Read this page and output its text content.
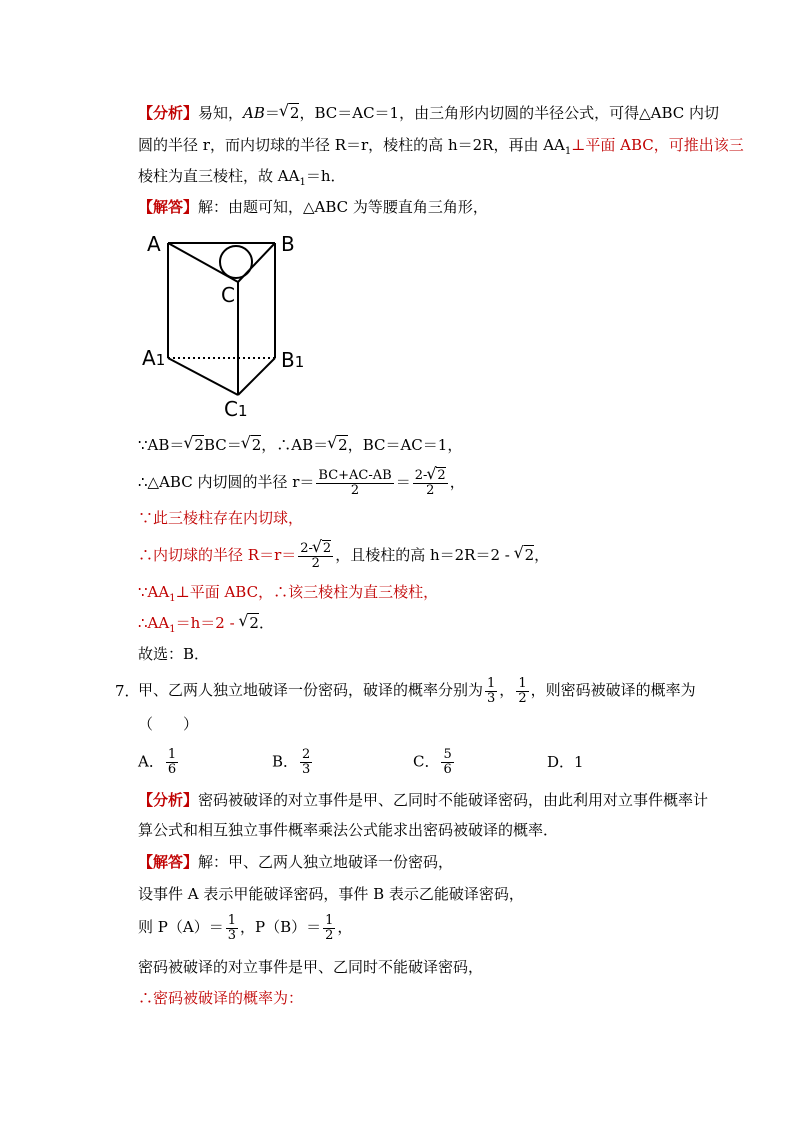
【分析】易知，AB＝ √ 2，BC＝AC＝1，由三角形内切圆的半径公式，可得△ABC 内切
圆的半径 r，而内切球的半径 R＝r，棱柱的高 h＝2R，再由 $AA_1\perp$平面 ABC，可推出该三
棱柱为直三棱柱，故 $AA_1=h$．
【解答】解：由题可知，△ABC 为等腰直角三角形，
A	B
C
A1	B1
C1
∵AB＝ √ 2BC＝ √ 2，∴AB＝ √ 2，BC＝AC＝1，
∴△ABC 内切圆的半径 $r= \frac{BC+AC-AB}{2} = \frac{2- √ 2}{2}$ ，
∵此三棱柱存在内切球，
∴内切球的半径 $R=r= \frac{2- √ 2}{2}$ ，且棱柱的高 h＝2R＝2 - √ 2，
$\because AA_1\perp$平面 ABC，∴该三棱柱为直三棱柱，
$\therefore AA_1=h=2$ - √ 2．
故选：B．
7．
甲、乙两人独立地破译一份密码，破译的概率分别为 $\frac{1}{3}$ ， $\frac{1}{2}$ ，则密码被破译的概率为
（　　）
A． $\frac{1}{6}$	B． $\frac{2}{3}$	C． $\frac{5}{6}$	D．1
【分析】密码被破译的对立事件是甲、乙同时不能破译密码，由此利用对立事件概率计
算公式和相互独立事件概率乘法公式能求出密码被破译的概率．
【解答】解：甲、乙两人独立地破译一份密码，
设事件 A 表示甲能破译密码，事件 B 表示乙能破译密码，
则 $P(A)= \frac{1}{3}$ ，$P(B)= \frac{1}{2}$ ，
密码被破译的对立事件是甲、乙同时不能破译密码，
∴密码被破译的概率为：
